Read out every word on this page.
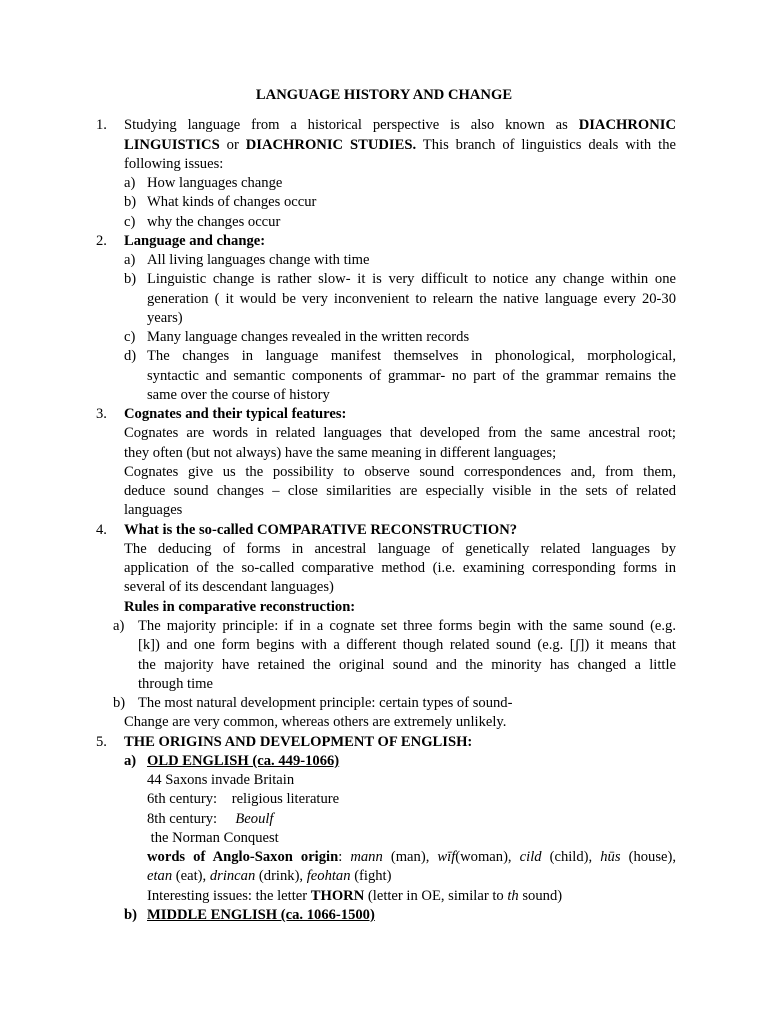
LANGUAGE HISTORY AND CHANGE
1.	Studying language from a historical perspective is also known as DIACHRONIC
LINGUISTICS or DIACHRONIC STUDIES. This branch of linguistics deals with the
following issues:
a) How languages change
b) What kinds of changes occur
c) why the changes occur
2.	Language and change:
a) All living languages change with time
b) Linguistic change is rather slow- it is very difficult to notice any change within one
generation ( it would be very inconvenient to relearn the native language every 20-30
years)
c) Many language changes revealed in the written records
d) The changes in language manifest themselves in phonological, morphological,
syntactic and semantic components of grammar- no part of the grammar remains the
same over the course of history
3.	Cognates and their typical features:
Cognates are words in related languages that developed from the same ancestral root;
they often (but not always) have the same meaning in different languages;
Cognates give us the possibility to observe sound correspondences and, from them,
deduce sound changes – close similarities are especially visible in the sets of related
languages
4.	What is the so-called COMPARATIVE RECONSTRUCTION?
The deducing of forms in ancestral language of genetically related languages by
application of the so-called comparative method (i.e. examining corresponding forms in
several of its descendant languages)
Rules in comparative reconstruction:
a) The majority principle: if in a cognate set three forms begin with the same sound (e.g.
[k]) and one form begins with a different though related sound (e.g. [ʃ]) it means that
the majority have retained the original sound and the minority has changed a little
through time
b) The most natural development principle: certain types of sound-
Change are very common, whereas others are extremely unlikely.
5.	THE ORIGINS AND DEVELOPMENT OF ENGLISH:
a) OLD ENGLISH (ca. 449-1066)
44 Saxons invade Britain
6th century: religious literature
8th century: Beoulf
the Norman Conquest
words of Anglo-Saxon origin: mann (man), wīf(woman), cild (child), hūs (house),
etan (eat), drincan (drink), feohtan (fight)
Interesting issues: the letter THORN (letter in OE, similar to th sound)
b) MIDDLE ENGLISH (ca. 1066-1500)
